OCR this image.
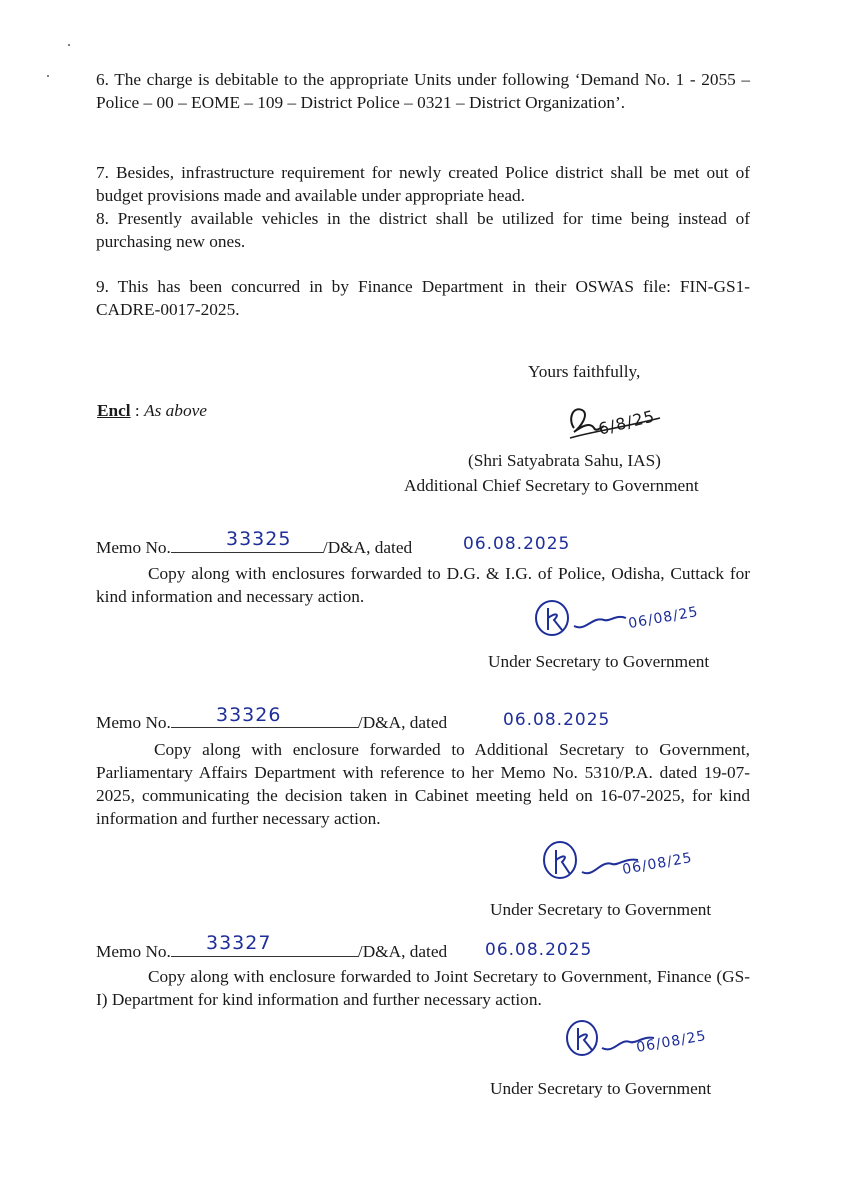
6. The charge is debitable to the appropriate Units under following ‘Demand No. 1 - 2055 – Police – 00 – EOME – 109 – District Police – 0321 – District Organization’.
7. Besides, infrastructure requirement for newly created Police district shall be met out of budget provisions made and available under appropriate head.
8. Presently available vehicles in the district shall be utilized for time being instead of purchasing new ones.
9. This has been concurred in by Finance Department in their OSWAS file: FIN-GS1-CADRE-0017-2025.
Yours faithfully,
Encl : As above	6/8/25
(Shri Satyabrata Sahu, IAS)
Additional Chief Secretary to Government
Memo No.	/D&A, dated
33325	06.08.2025
Copy along with enclosures forwarded to D.G. & I.G. of Police, Odisha, Cuttack for kind information and necessary action.
06/08/25
Under Secretary to Government
Memo No.	/D&A, dated
33326	06.08.2025
Copy along with enclosure forwarded to Additional Secretary to Government, Parliamentary Affairs Department with reference to her Memo No. 5310/P.A. dated 19-07-2025, communicating the decision taken in Cabinet meeting held on 16-07-2025, for kind information and further necessary action.
06/08/25
Under Secretary to Government
Memo No.	/D&A, dated
33327	06.08.2025
Copy along with enclosure forwarded to Joint Secretary to Government, Finance (GS-I) Department for kind information and further necessary action.
06/08/25
Under Secretary to Government
